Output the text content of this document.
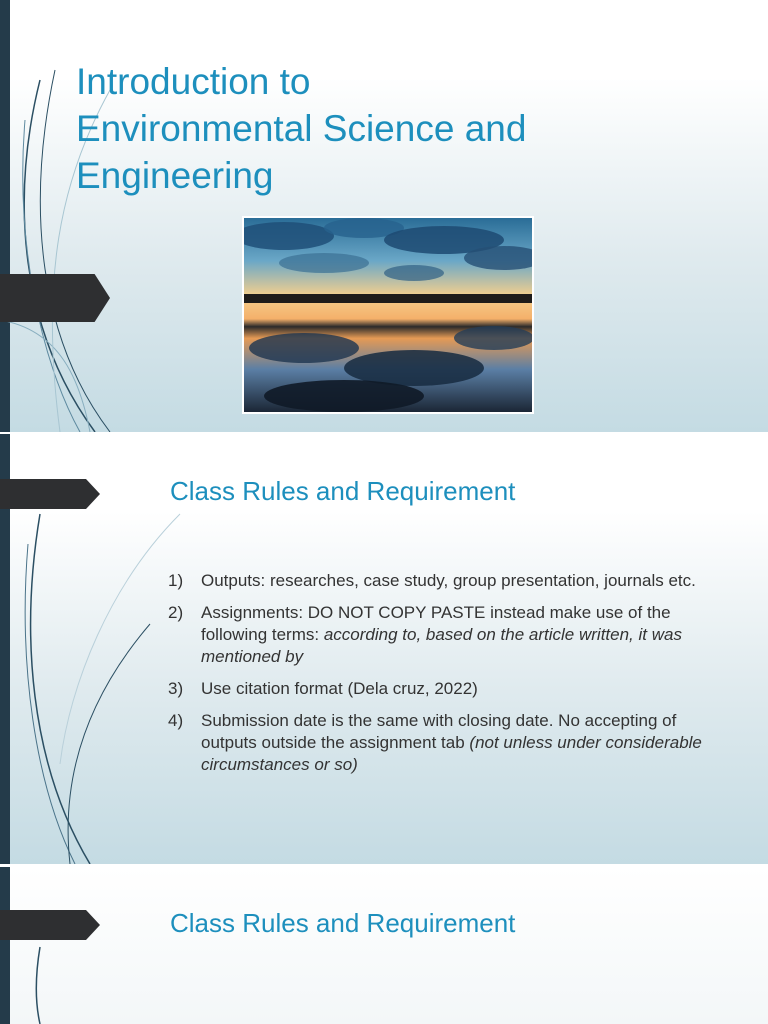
Introduction to
Environmental Science and
Engineering
Class Rules and Requirement
1)	Outputs: researches, case study, group presentation, journals etc.
2)	Assignments: DO NOT COPY PASTE instead make use of the following terms: according to, based on the article written, it was mentioned by
3)	Use citation format (Dela cruz, 2022)
4)	Submission date is the same with closing date. No accepting of outputs outside the assignment tab (not unless under considerable circumstances or so)
Class Rules and Requirement
